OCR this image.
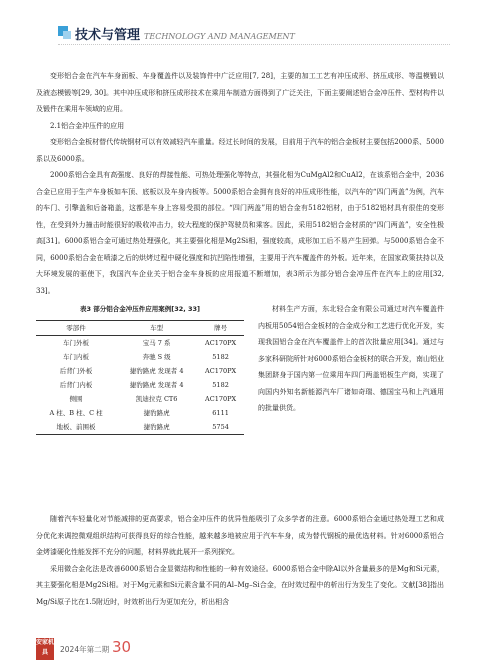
技术与管理 TECHNOLOGY AND MANAGEMENT

变形铝合金在汽车车身面板、车身覆盖件以及装饰件中广泛应用[7, 28]，主要的加工工艺有冲压成形、挤压成形、等温模锻以及液态模锻等[29, 30]。其中冲压成形和挤压成形技术在乘用车制造方面得到了广泛关注，下面主要阐述铝合金冲压件、型材构件以及锻件在乘用车领域的应用。

2.1铝合金冲压件的应用

变形铝合金板材替代传统钢材可以有效减轻汽车重量。经过长时间的发展，目前用于汽车的铝合金板材主要包括2000系、5000系以及6000系。

2000系铝合金具有高强度、良好的焊接性能、可热处理强化等特点，其强化相为CuMgAl2和CuAl2，在该系铝合金中，2036合金已应用于生产车身板如车顶、底板以及车身内板等。5000系铝合金拥有良好的冲压成形性能，以汽车的“四门两盖”为例，汽车的车门、引擎盖和后备箱盖，这都是车身上容易受损的部位。“四门两盖”用的铝合金有5182铝材，由于5182铝材具有很佳的变形性，在受到外力撞击时能很好的吸收冲击力，较大程度的保护驾驶员和乘客。因此，采用5182铝合金材质的“四门两盖”，安全性极高[31]。6000系铝合金可通过热处理强化，其主要强化相是Mg2Si相，强度较高，成形加工后不易产生回弹。与5000系铝合金不同，6000系铝合金在喷漆之后的烘烤过程中硬化强度和抗凹陷性增强，主要用于汽车覆盖件的外板。近年来，在国家政策扶持以及大环境发展的驱使下，我国汽车企业关于铝合金车身板的应用报道不断增加，表3所示为部分铝合金冲压件在汽车上的应用[32, 33]。

表3 部分铝合金冲压件应用案例[32, 33]
零部件	车型	牌号
车门外板	宝马 7 系	AC170PX
车门内板	奔驰 S 级	5182
后背门外板	捷豹路虎 发现者 4	AC170PX
后背门内板	捷豹路虎 发现者 4	5182
侧围	凯迪拉克 CT6	AC170PX
A 柱、B 柱、C 柱	捷豹路虎	6111
地板、前围板	捷豹路虎	5754

材料生产方面，东北轻合金有限公司通过对汽车覆盖件内板用5054铝合金板材的合金成分和工艺进行优化开发，实现我国铝合金在汽车覆盖件上的首次批量应用[34]。通过与多家科研院所针对6000系铝合金板材的联合开发，南山铝业集团跻身于国内第一位乘用车四门两盖铝板生产商，实现了向国内外知名新能源汽车厂诸如奇瑞、德国宝马和上汽通用的批量供货。

随着汽车轻量化对节能减排的更高要求，铝合金冲压件的优异性能吸引了众多学者的注意。6000系铝合金通过热处理工艺和成分优化来调控微观组织结构可获得良好的综合性能，越来越多地被应用于汽车车身，成为替代钢板的最优选材料。针对6000系铝合金烤漆硬化性能发挥不充分的问题，材料界就此展开一系列探究。

采用微合金化法是改善6000系铝合金显微结构和性能的一种有效途径。6000系铝合金中除Al以外含量最多的是Mg和Si元素，其主要强化相是Mg2Si相。对于Mg元素和Si元素含量不同的Al–Mg–Si合金，在时效过程中的析出行为发生了变化。文献[38]指出Mg/Si原子比在1.5附近时，时效析出行为更加充分，析出相含

安家机具	2024年第二期 30
